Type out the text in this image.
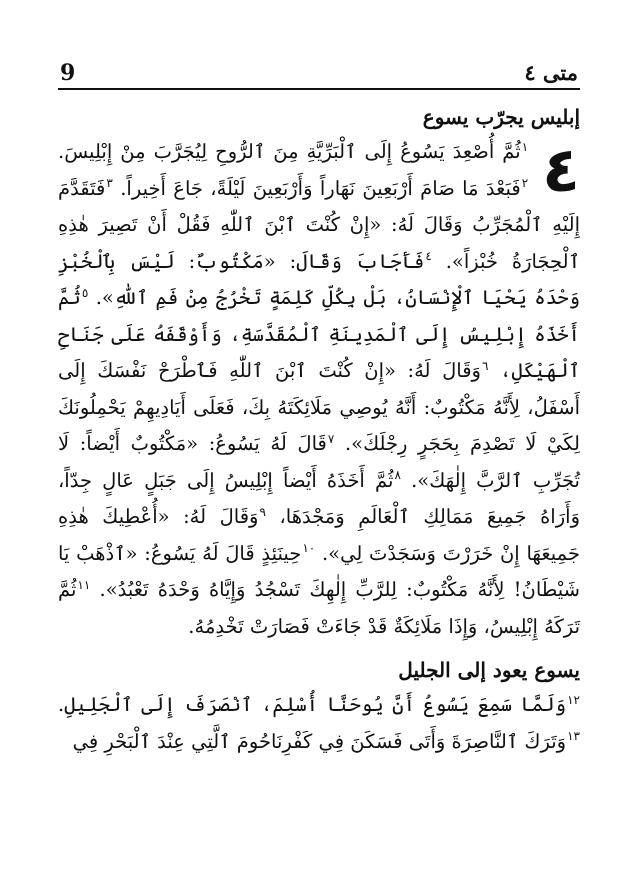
9	متى ٤
إبليس يجرّب يسوع

٤
$^١$ثُمَّ أُصْعِدَ يَسُوعُ إِلَى ٱلْبَرِّيَّةِ مِنَ ٱلرُّوحِ لِيُجَرَّبَ مِنْ إِبْلِيسَ. $^٢$فَبَعْدَ مَا صَامَ أَرْبَعِينَ نَهَاراً وَأَرْبَعِينَ لَيْلَةً، جَاعَ أَخِيراً. $^٣$فَتَقَدَّمَ إِلَيْهِ ٱلْمُجَرِّبُ وَقَالَ لَهُ: «إِنْ كُنْتَ ٱبْنَ ٱللّٰهِ فَقُلْ أَنْ تَصِيرَ هٰذِهِ ٱلْحِجَارَةُ خُبْزاً». $^٤$فَأَجَابَ وَقَالَ: «مَكْتُوبٌ: لَيْسَ بِٱلْخُبْزِ وَحْدَهُ يَحْيَا ٱلْإِنْسَانُ، بَلْ بِكُلِّ كَلِمَةٍ تَخْرُجُ مِنْ فَمِ ٱللّٰهِ». $^٥$ثُمَّ أَخَذَهُ إِبْلِيسُ إِلَى ٱلْمَدِينَةِ ٱلْمُقَدَّسَةِ، وَأَوْقَفَهُ عَلَى جَنَاحِ ٱلْهَيْكَلِ، $^٦$وَقَالَ لَهُ: «إِنْ كُنْتَ ٱبْنَ ٱللّٰهِ فَٱطْرَحْ نَفْسَكَ إِلَى أَسْفَلُ، لِأَنَّهُ مَكْتُوبٌ: أَنَّهُ يُوصِي مَلَائِكَتَهُ بِكَ، فَعَلَى أَيَادِيهِمْ يَحْمِلُونَكَ لِكَيْ لَا تَصْدِمَ بِحَجَرٍ رِجْلَكَ». $^٧$قَالَ لَهُ يَسُوعُ: «مَكْتُوبٌ أَيْضاً: لَا تُجَرِّبِ ٱلرَّبَّ إِلٰهَكَ». $^٨$ثُمَّ أَخَذَهُ أَيْضاً إِبْلِيسُ إِلَى جَبَلٍ عَالٍ جِدّاً، وَأَرَاهُ جَمِيعَ مَمَالِكِ ٱلْعَالَمِ وَمَجْدَهَا، $^٩$وَقَالَ لَهُ: «أُعْطِيكَ هٰذِهِ جَمِيعَهَا إِنْ خَرَرْتَ وَسَجَدْتَ لِي». $^{١٠}$حِينَئِذٍ قَالَ لَهُ يَسُوعُ: «ٱذْهَبْ يَا شَيْطَانُ! لِأَنَّهُ مَكْتُوبٌ: لِلرَّبِّ إِلٰهِكَ تَسْجُدُ وَإِيَّاهُ وَحْدَهُ تَعْبُدُ». $^{١١}$ثُمَّ تَرَكَهُ إِبْلِيسُ، وَإِذَا مَلَائِكَةٌ قَدْ جَاءَتْ فَصَارَتْ تَخْدِمُهُ.

يسوع يعود إلى الجليل

$^{١٢}$وَلَمَّا سَمِعَ يَسُوعُ أَنَّ يُوحَنَّا أُسْلِمَ، ٱنْصَرَفَ إِلَى ٱلْجَلِيلِ. $^{١٣}$وَتَرَكَ ٱلنَّاصِرَةَ وَأَتَى فَسَكَنَ فِي كَفْرِنَاحُومَ ٱلَّتِي عِنْدَ ٱلْبَحْرِ فِي
